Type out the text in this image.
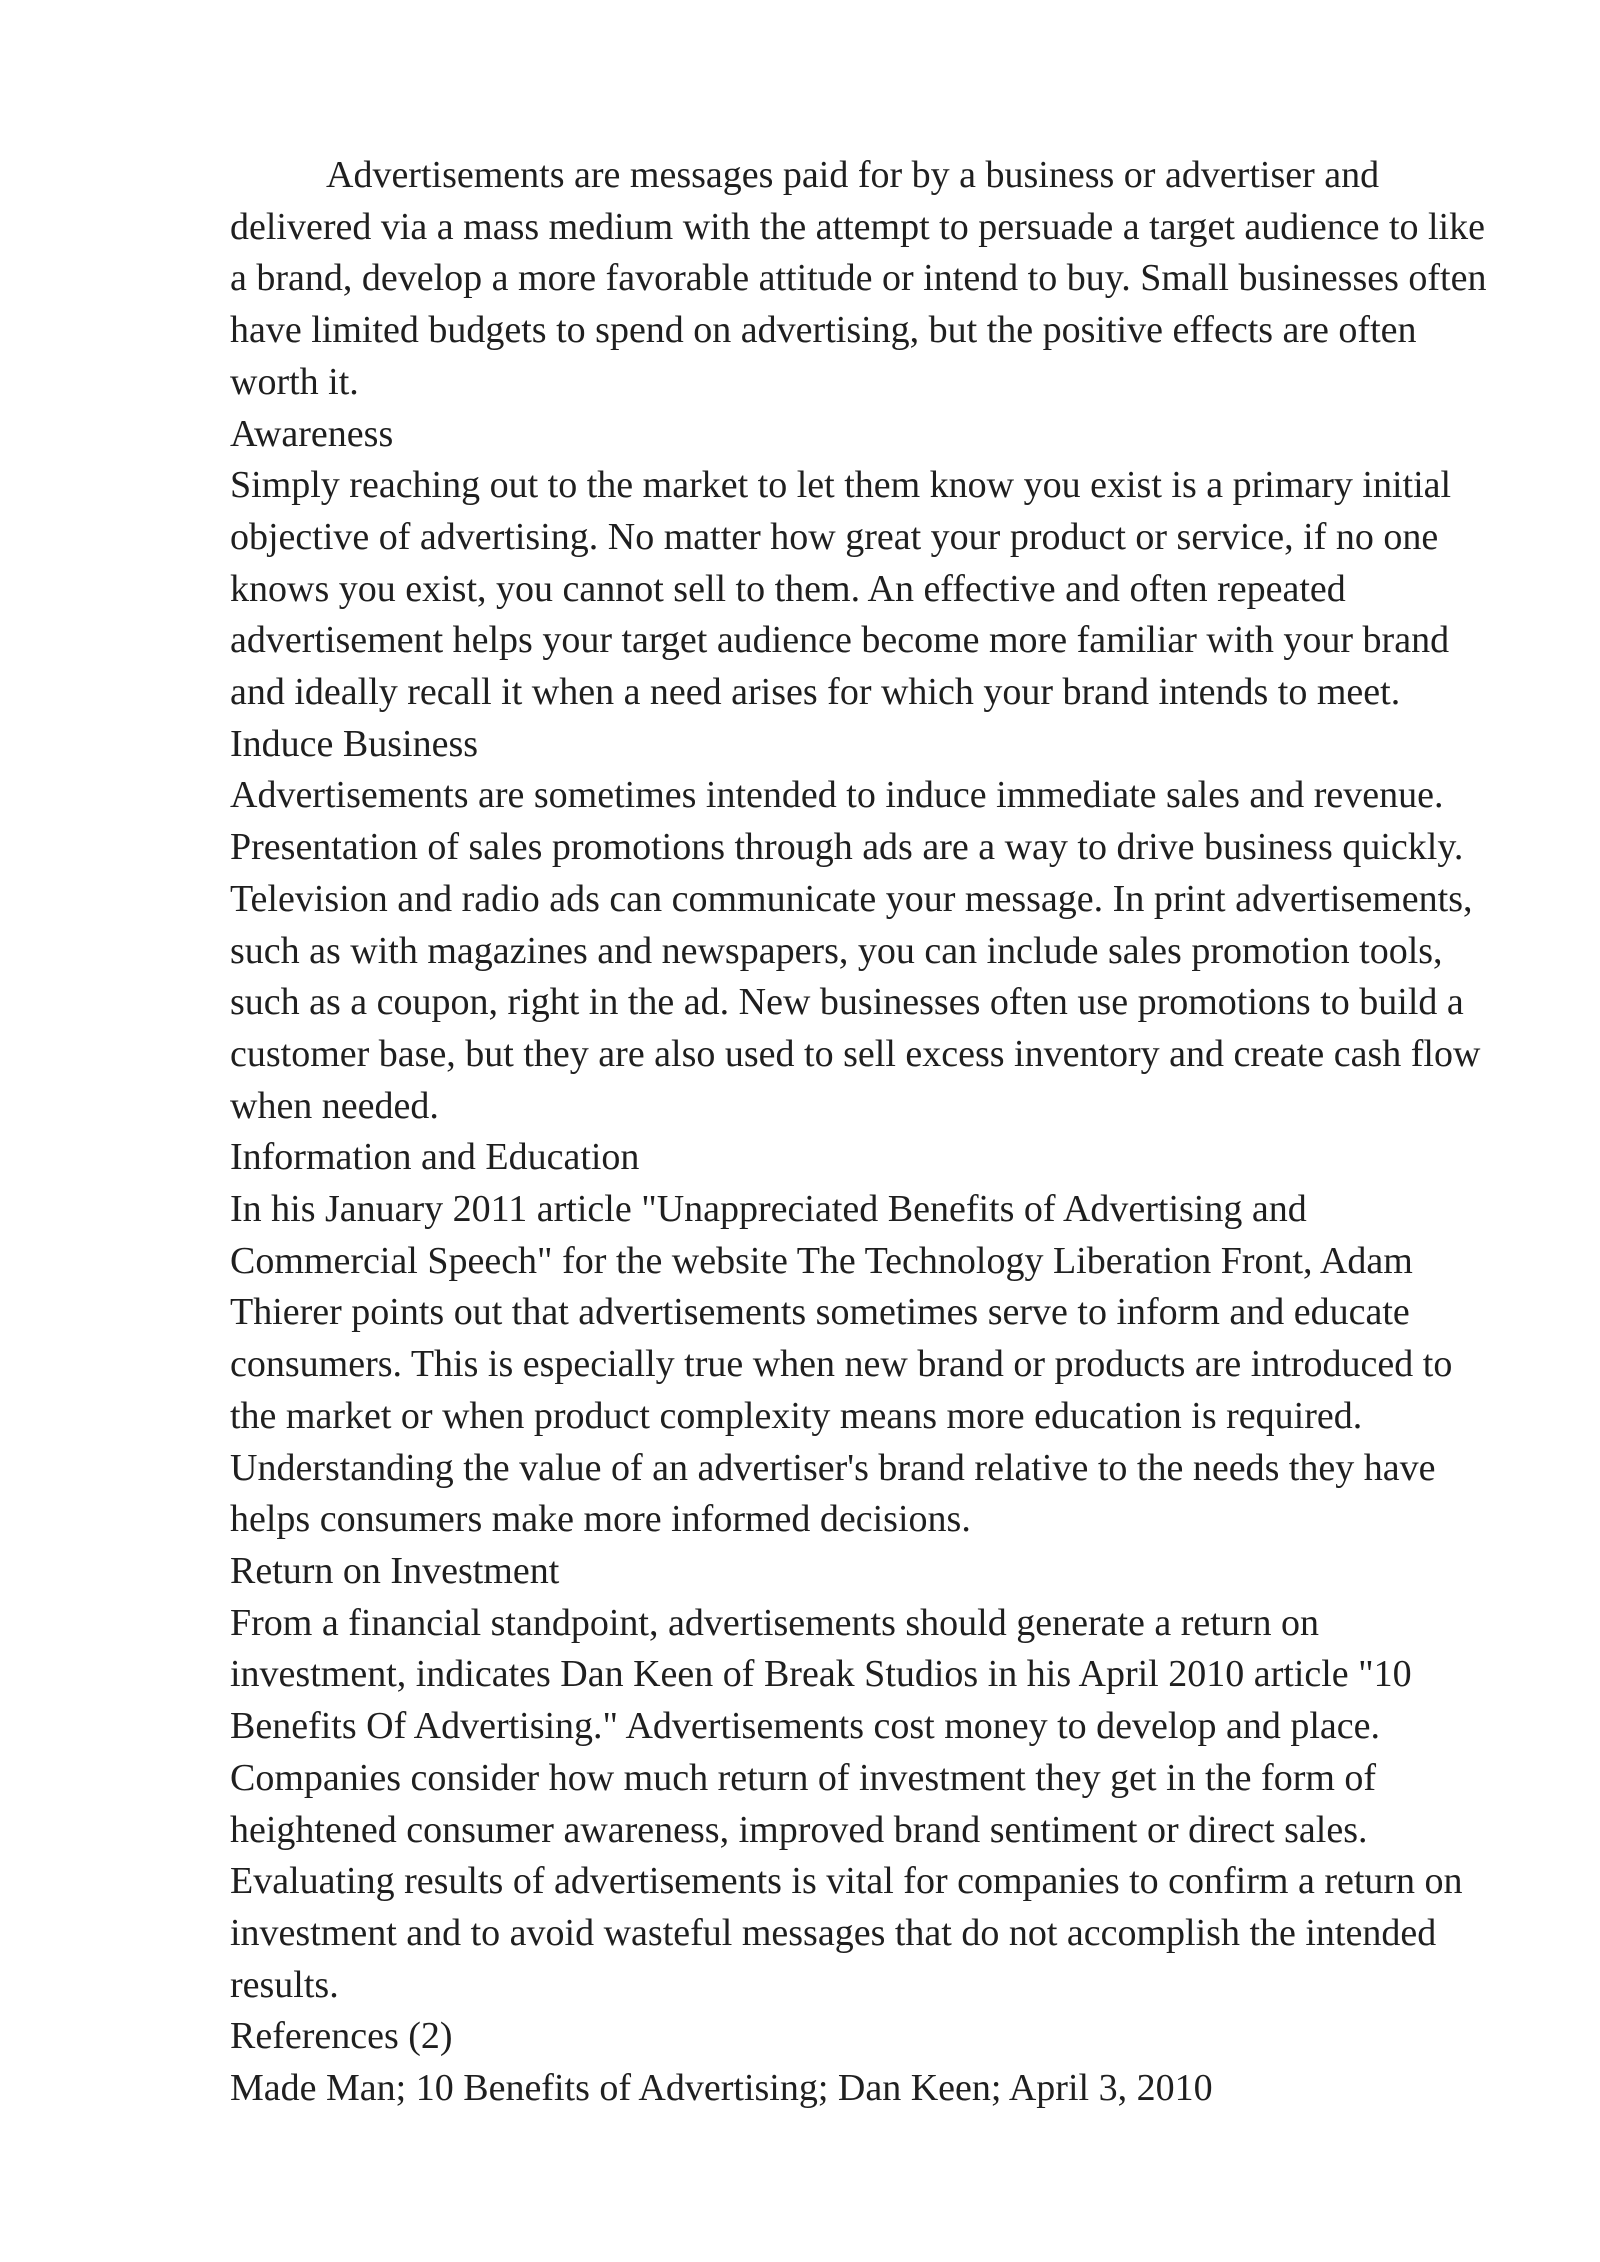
Advertisements are messages paid for by a business or advertiser and delivered via a mass medium with the attempt to persuade a target audience to like a brand, develop a more favorable attitude or intend to buy. Small businesses often have limited budgets to spend on advertising, but the positive effects are often worth it.

Awareness

Simply reaching out to the market to let them know you exist is a primary initial objective of advertising. No matter how great your product or service, if no one knows you exist, you cannot sell to them. An effective and often repeated advertisement helps your target audience become more familiar with your brand and ideally recall it when a need arises for which your brand intends to meet.

Induce Business

Advertisements are sometimes intended to induce immediate sales and revenue. Presentation of sales promotions through ads are a way to drive business quickly. Television and radio ads can communicate your message. In print advertisements, such as with magazines and newspapers, you can include sales promotion tools, such as a coupon, right in the ad. New businesses often use promotions to build a customer base, but they are also used to sell excess inventory and create cash flow when needed.

Information and Education

In his January 2011 article "Unappreciated Benefits of Advertising and Commercial Speech" for the website The Technology Liberation Front, Adam Thierer points out that advertisements sometimes serve to inform and educate consumers. This is especially true when new brand or products are introduced to the market or when product complexity means more education is required. Understanding the value of an advertiser's brand relative to the needs they have helps consumers make more informed decisions.

Return on Investment

From a financial standpoint, advertisements should generate a return on investment, indicates Dan Keen of Break Studios in his April 2010 article "10 Benefits Of Advertising." Advertisements cost money to develop and place. Companies consider how much return of investment they get in the form of heightened consumer awareness, improved brand sentiment or direct sales. Evaluating results of advertisements is vital for companies to confirm a return on investment and to avoid wasteful messages that do not accomplish the intended results.

References (2)

Made Man; 10 Benefits of Advertising; Dan Keen; April 3, 2010
